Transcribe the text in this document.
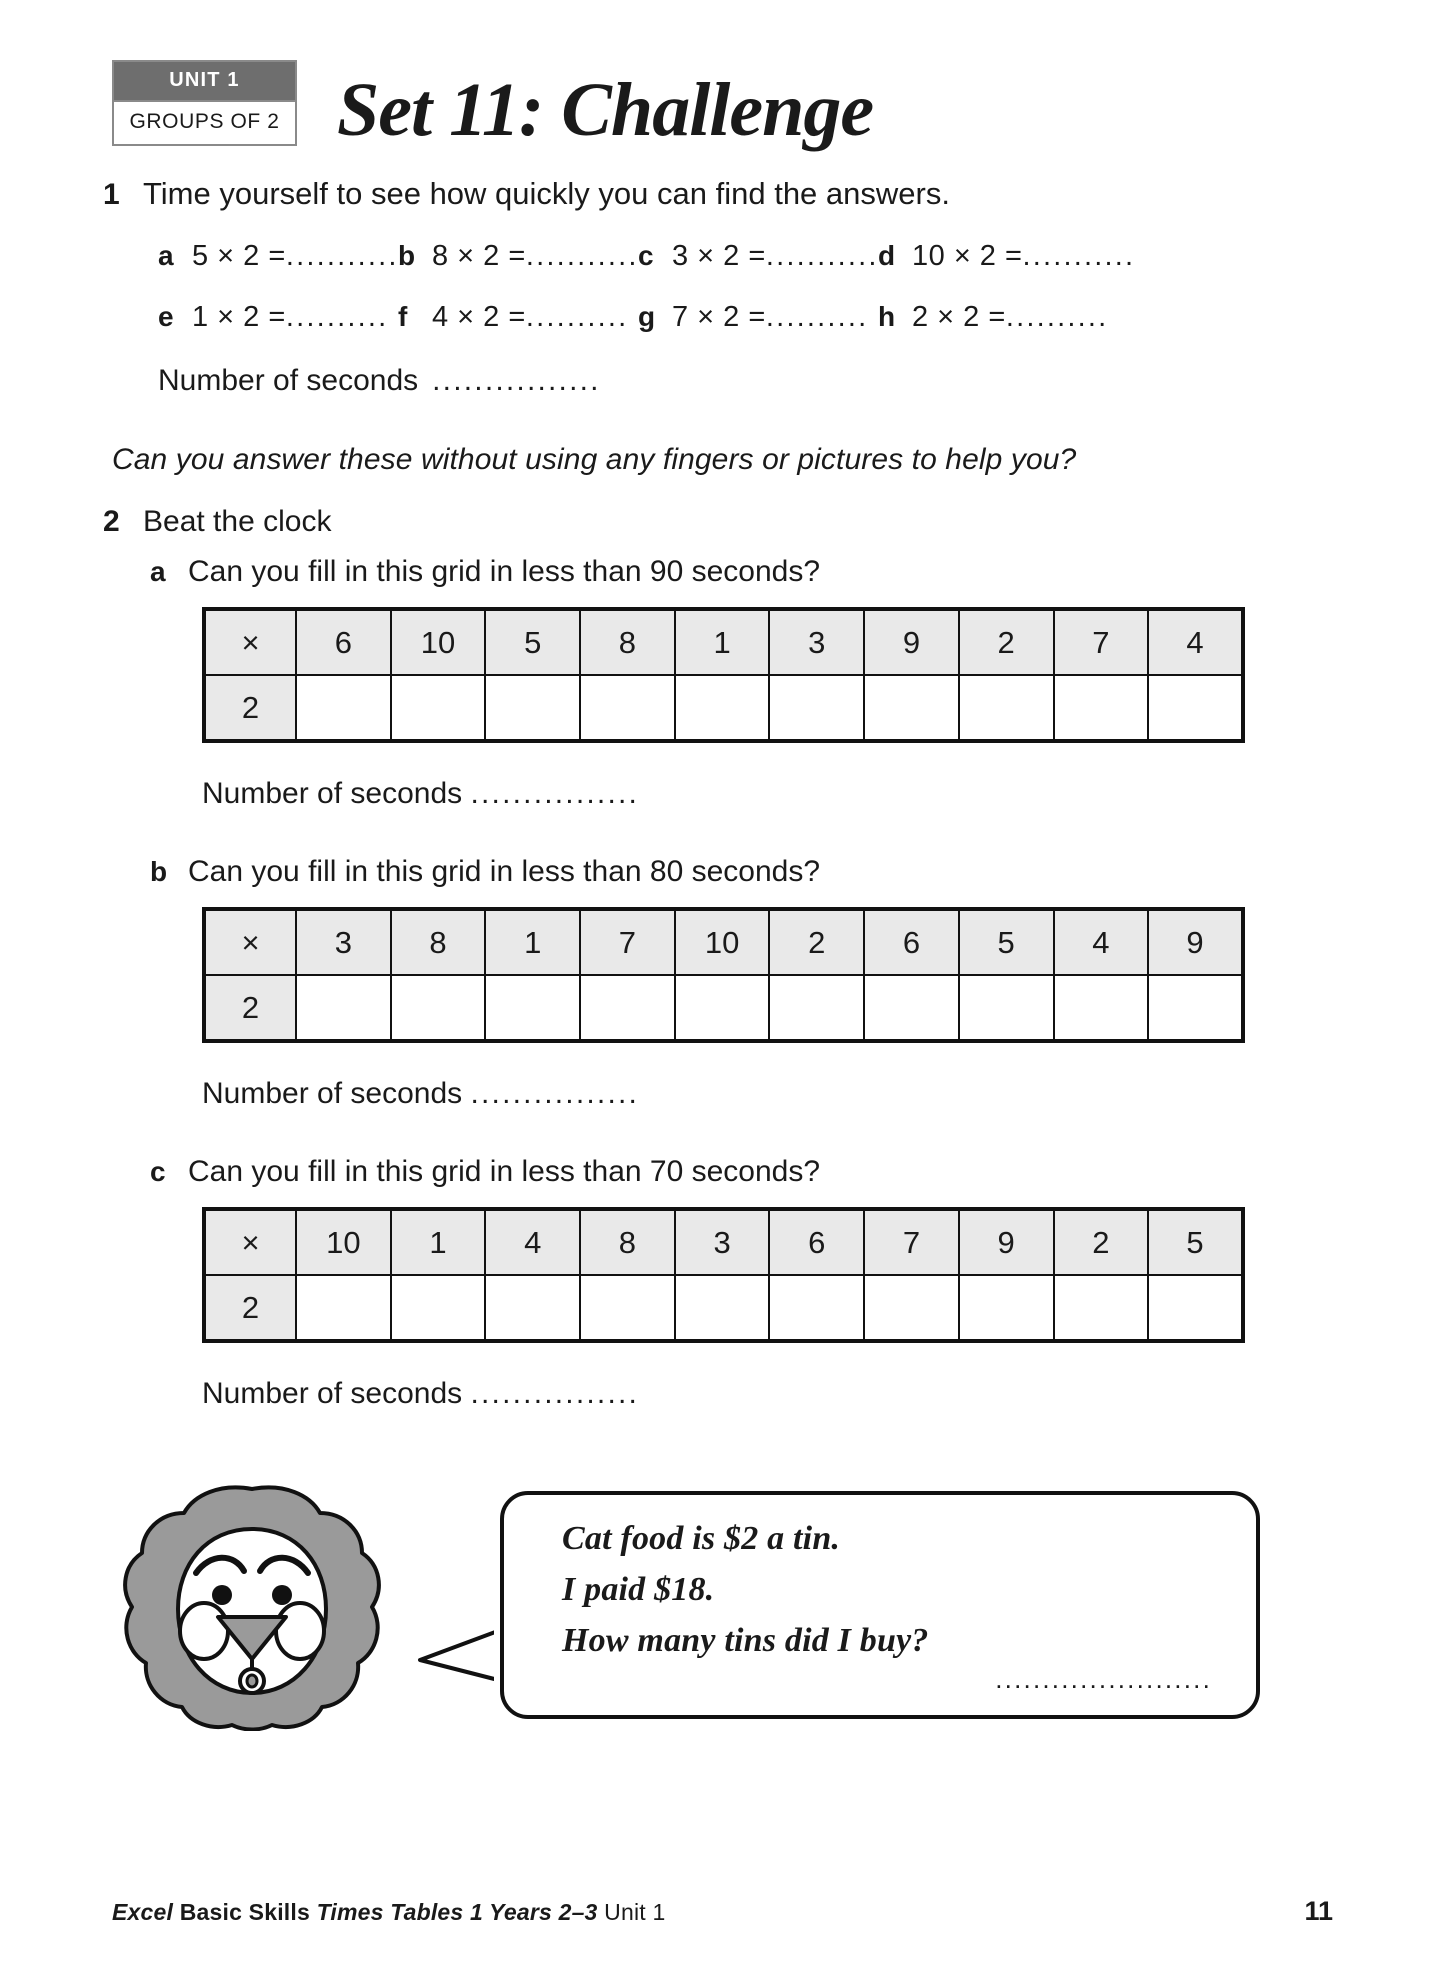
UNIT 1
GROUPS OF 2 Set 11: Challenge
1 Time yourself to see how quickly you can find the answers.
a 5 × 2 = ........... b 8 × 2 = ........... c 3 × 2 = ........... d 10 × 2 = ...........
e 1 × 2 = .......... f 4 × 2 = .......... g 7 × 2 = .......... h 2 × 2 = ..........
Number of seconds ................
Can you answer these without using any fingers or pictures to help you?
2 Beat the clock
a Can you fill in this grid in less than 90 seconds?
×	6	10	5	8	1	3	9	2	7	4
2										
Number of seconds ................
b Can you fill in this grid in less than 80 seconds?
×	3	8	1	7	10	2	6	5	4	9
2										
Number of seconds ................
c Can you fill in this grid in less than 70 seconds?
×	10	1	4	8	3	6	7	9	2	5
2										
Number of seconds ................

Cat food is $2 a tin.

I paid $18.

How many tins did I buy?

.......................
Excel Basic Skills Times Tables 1 Years 2–3 Unit 1	11
